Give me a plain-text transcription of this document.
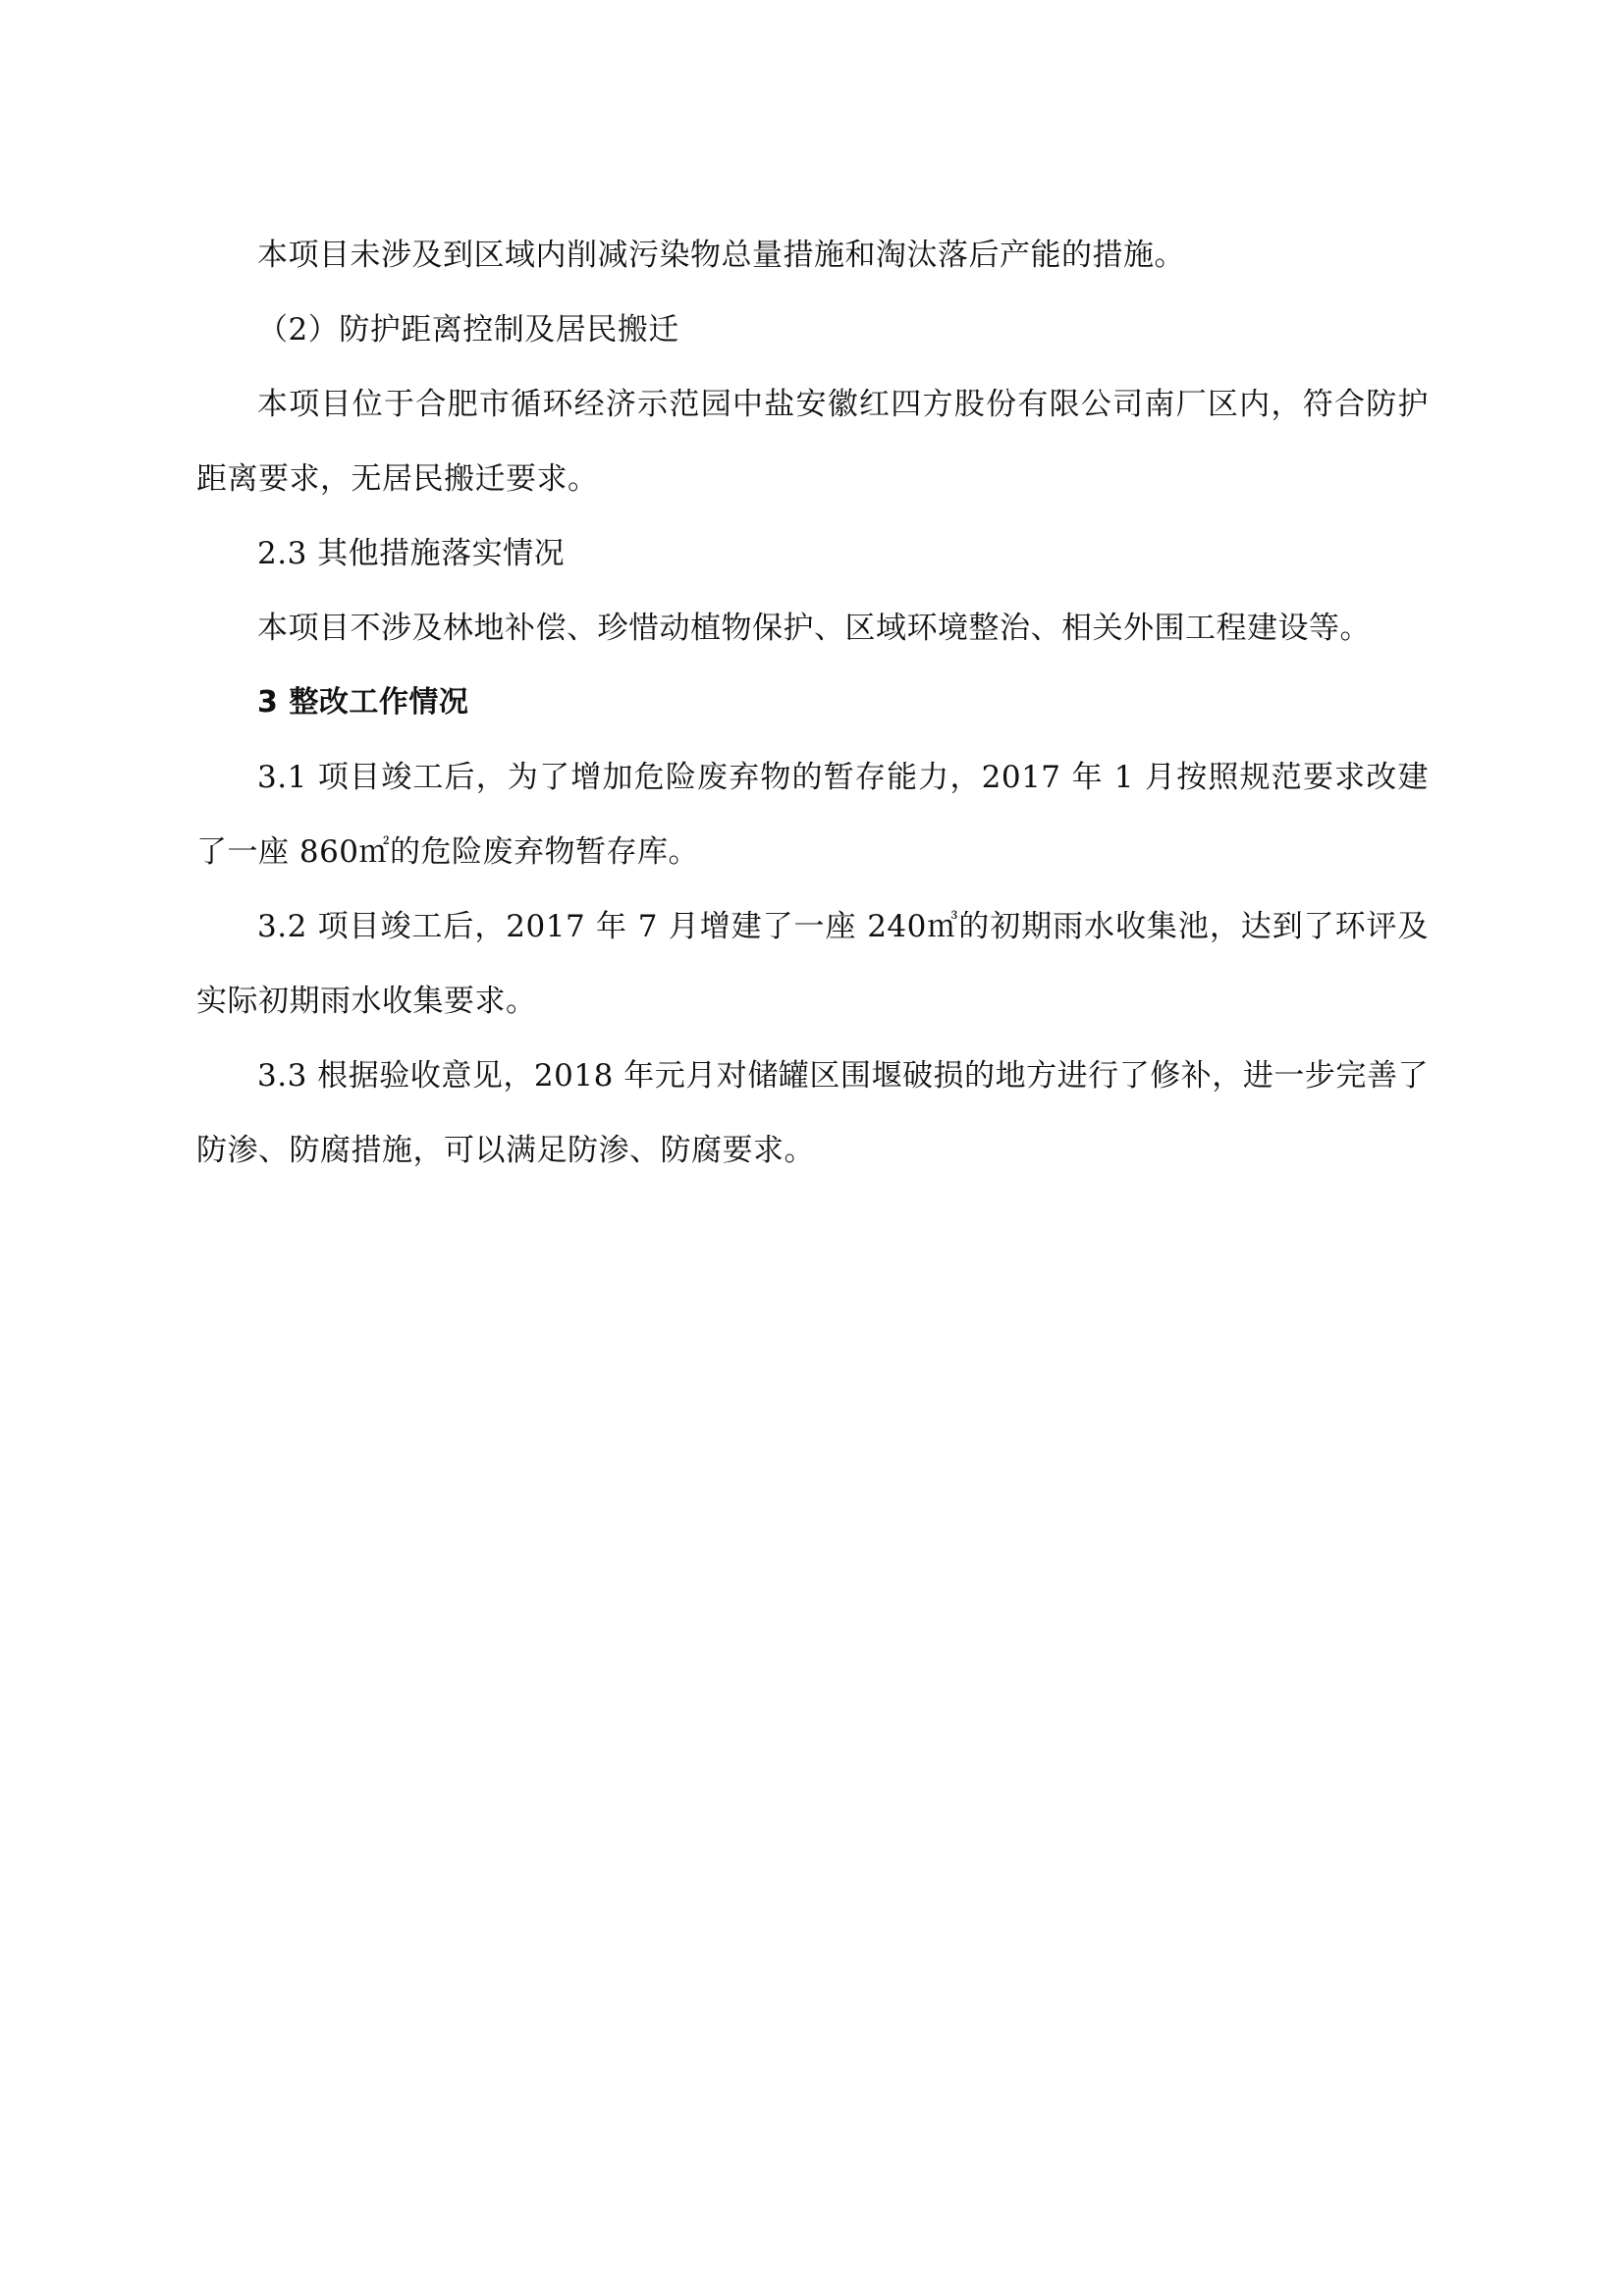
本项目未涉及到区域内削减污染物总量措施和淘汰落后产能的措施。

（2）防护距离控制及居民搬迁

本项目位于合肥市循环经济示范园中盐安徽红四方股份有限公司南厂区内，符合防护距离要求，无居民搬迁要求。

2.3 其他措施落实情况

本项目不涉及林地补偿、珍惜动植物保护、区域环境整治、相关外围工程建设等。

3 整改工作情况

3.1 项目竣工后，为了增加危险废弃物的暂存能力，2017 年 1 月按照规范要求改建了一座 860㎡的危险废弃物暂存库。

3.2 项目竣工后，2017 年 7 月增建了一座 240㎥的初期雨水收集池，达到了环评及实际初期雨水收集要求。

3.3 根据验收意见，2018 年元月对储罐区围堰破损的地方进行了修补，进一步完善了防渗、防腐措施，可以满足防渗、防腐要求。
